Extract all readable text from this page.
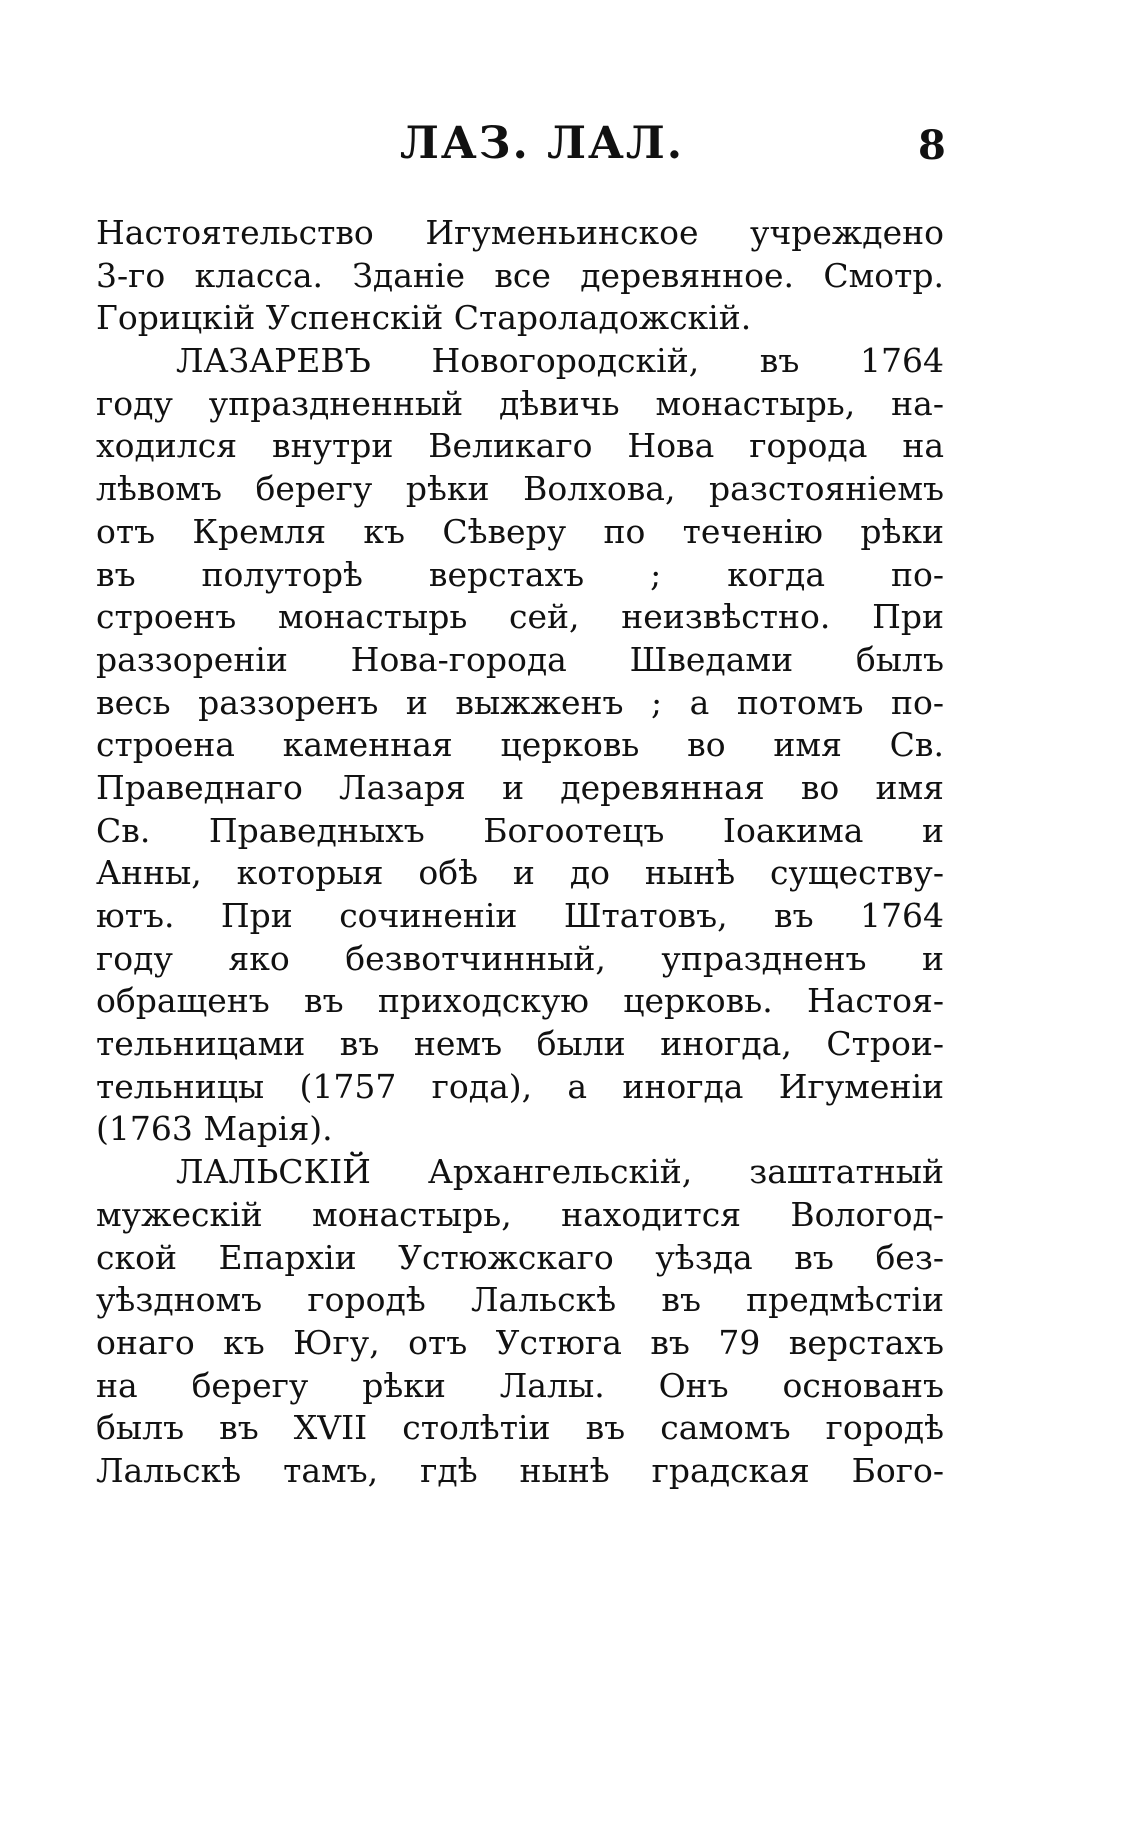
ЛАЗ. ЛАЛ.	8
Настоятельство Игуменьинское учреждено
3-го класса. Зданіе все деревянное. Смотр.
Горицкій Успенскій Староладожскій.
ЛАЗАРЕВЪ Новогородскій, въ 1764
году упраздненный дѣвичь монастырь, на-
ходился внутри Великаго Нова города на
лѣвомъ берегу рѣки Волхова, разстояніемъ
отъ Кремля къ Сѣверу по теченію рѣки
въ полуторѣ верстахъ ; когда по-
строенъ монастырь сей, неизвѣстно. При
раззореніи Нова-города Шведами былъ
весь раззоренъ и выжженъ ; а потомъ по-
строена каменная церковь во имя Св.
Праведнаго Лазаря и деревянная во имя
Св. Праведныхъ Богоотецъ Іоакима и
Анны, которыя обѣ и до нынѣ существу-
ютъ. При сочиненіи Штатовъ, въ 1764
году яко безвотчинный, упраздненъ и
обращенъ въ приходскую церковь. Настоя-
тельницами въ немъ были иногда, Строи-
тельницы (1757 года), а иногда Игуменіи
(1763 Марія).
ЛАЛЬСКІЙ Архангельскій, заштатный
мужескій монастырь, находится Вологод-
ской Епархіи Устюжскаго уѣзда въ без-
уѣздномъ городѣ Лальскѣ въ предмѣстіи
онаго къ Югу, отъ Устюга въ 79 верстахъ
на берегу рѣки Лалы. Онъ основанъ
былъ въ XVII столѣтіи въ самомъ городѣ
Лальскѣ тамъ, гдѣ нынѣ градская Бого-
